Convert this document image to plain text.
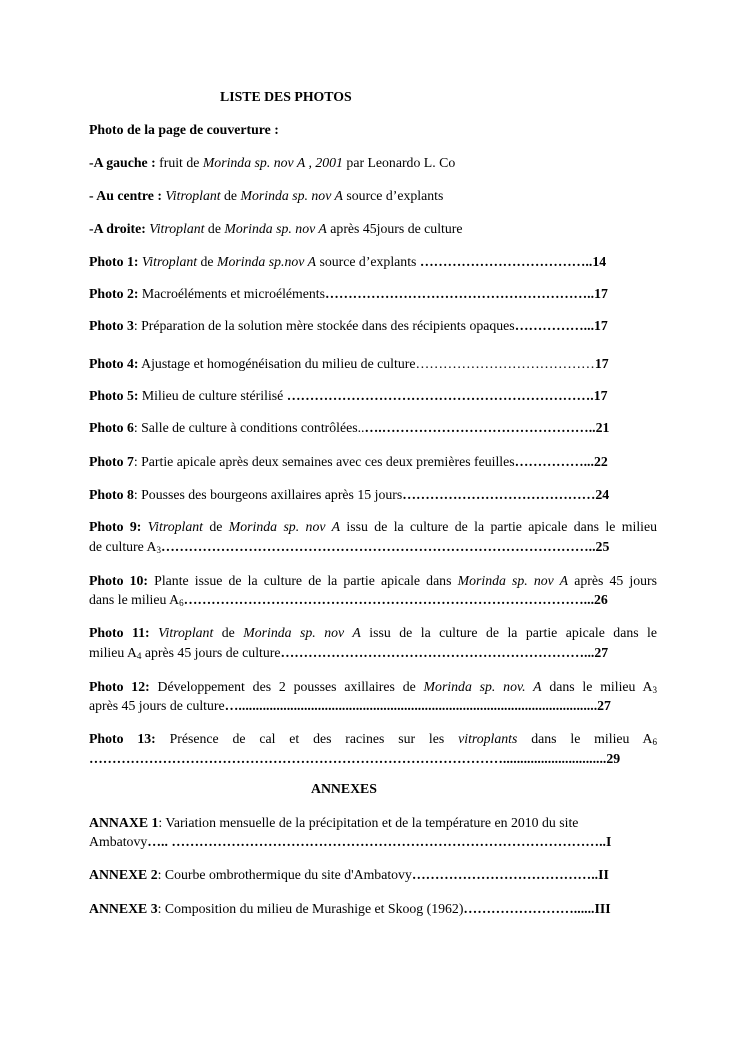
LISTE DES PHOTOS
Photo de la page de couverture :
-A gauche : fruit de Morinda sp. nov A , 2001 par Leonardo L. Co
- Au centre : Vitroplant de Morinda sp. nov A source d’explants
-A droite: Vitroplant de Morinda sp. nov A après 45jours de culture
Photo 1: Vitroplant de Morinda sp.nov A source d’explants ………………………………..14
Photo 2: Macroéléments et microéléments…………………………………………………..17
Photo 3: Préparation de la solution mère stockée dans des récipients opaques……………...17
Photo 4: Ajustage et homogénéisation du milieu de culture…………………………………17
Photo 5: Milieu de culture stérilisé ………………………………………………………….17
Photo 6: Salle de culture à conditions contrôlées..….………………………………………..21
Photo 7: Partie apicale après deux semaines avec ces deux premières feuilles……………...22
Photo 8: Pousses des bourgeons axillaires après 15 jours……………………………………24
Photo 9: Vitroplant de Morinda sp. nov A issu de la culture de la partie apicale dans le milieu
de culture $A_3\dots\dots\dots\dots\dots\dots\dots\dots\dots\dots\dots\dots\dots\dots\dots\dots\dots\dots\dots\dots\dots\dots\dots\dots\dots\dots\dots\dots\dots\dots\dots..25$
Photo 10: Plante issue de la culture de la partie apicale dans Morinda sp. nov A après 45 jours
dans le milieu $A_6\dots\dots\dots\dots\dots\dots\dots\dots\dots\dots\dots\dots\dots\dots\dots\dots\dots\dots\dots\dots\dots\dots\dots\dots\dots\dots\dots\dots\dots...26$
Photo 11: Vitroplant de Morinda sp. nov A issu de la culture de la partie apicale dans le
milieu $A_4$ après 45 jours de culture…………………………………………………………...27
Photo 12: Développement des 2 pousses axillaires de Morinda sp. nov. A dans le milieu $A_3$
après 45 jours de culture…........................................................................................................27
Photo 13: Présence de cal et des racines sur les vitroplants dans le milieu $A_6$
………………………………………………………………………………..............................29
ANNEXES
ANNAXE 1: Variation mensuelle de la précipitation et de la température en 2010 du site
Ambatovy….. …………………………………………………………………………………..I
ANNEXE 2: Courbe ombrothermique du site d'Ambatovy…………………………………..II
ANNEXE 3: Composition du milieu de Murashige et Skoog (1962)……………………......III
